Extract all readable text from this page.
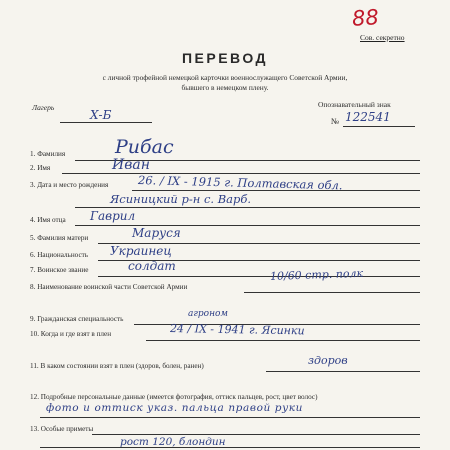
88
Сов. секретно
ПЕРЕВОД
с личной трофейной немецкой карточки военнослужащего Советской Армии,
бывшего в немецком плену.
Лагерь
Х-Б
Опознавательный знак
№ 122541
1. Фамилия	Рибас
2. Имя	Иван
3. Дата и место рождения	26. / IX - 1915 г. Полтавская обл.
Ясиницкий р-н с. Варб.
4. Имя отца Гаврил
5. Фамилия матери	Маруся
6. Национальность Украинец
7. Воинское звание	солдат
8. Наименование воинской части Советской Армии
10/60 стр. полк
9. Гражданская специальность	агроном
10. Когда и где взят в плен	24 / IX - 1941 г. Ясинки
11. В каком состоянии взят в плен (здоров, болен, ранен)	здоров
12. Подробные персональные данные (имеется фотография, оттиск пальцев, рост, цвет волос)
фото и оттиск указ. пальца правой руки
13. Особые приметы
рост 120, блондин
